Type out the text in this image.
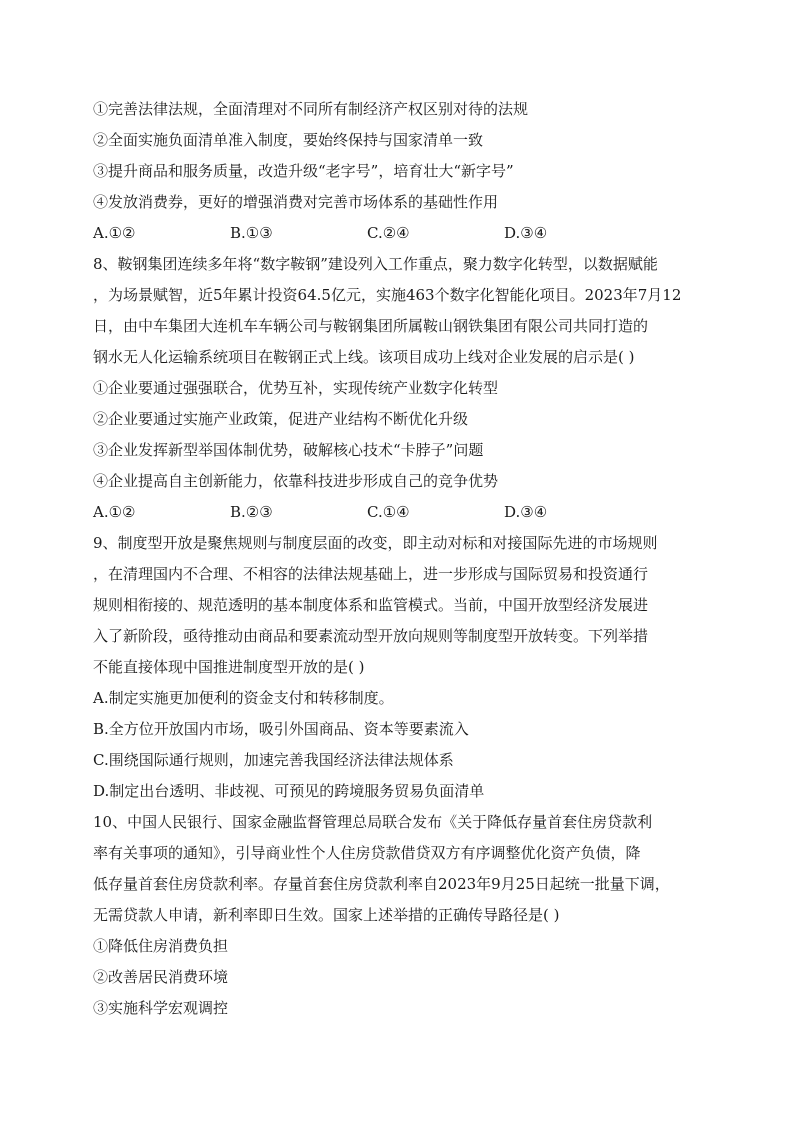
①完善法律法规，全面清理对不同所有制经济产权区别对待的法规
②全面实施负面清单准入制度，要始终保持与国家清单一致
③提升商品和服务质量，改造升级“老字号”，培育壮大“新字号”
④发放消费券，更好的增强消费对完善市场体系的基础性作用
A.①②	B.①③	C.②④	D.③④
8、鞍钢集团连续多年将“数字鞍钢”建设列入工作重点，聚力数字化转型，以数据赋能
，为场景赋智，近5年累计投资64.5亿元，实施463个数字化智能化项目。2023年7月12
日，由中车集团大连机车车辆公司与鞍钢集团所属鞍山钢铁集团有限公司共同打造的
钢水无人化运输系统项目在鞍钢正式上线。该项目成功上线对企业发展的启示是( )
①企业要通过强强联合，优势互补，实现传统产业数字化转型
②企业要通过实施产业政策，促进产业结构不断优化升级
③企业发挥新型举国体制优势，破解核心技术“卡脖子”问题
④企业提高自主创新能力，依靠科技进步形成自己的竞争优势
A.①②	B.②③	C.①④	D.③④
9、制度型开放是聚焦规则与制度层面的改变，即主动对标和对接国际先进的市场规则
，在清理国内不合理、不相容的法律法规基础上，进一步形成与国际贸易和投资通行
规则相衔接的、规范透明的基本制度体系和监管模式。当前，中国开放型经济发展进
入了新阶段，亟待推动由商品和要素流动型开放向规则等制度型开放转变。下列举措
不能直接体现中国推进制度型开放的是( )
A.制定实施更加便利的资金支付和转移制度。
B.全方位开放国内市场，吸引外国商品、资本等要素流入
C.围绕国际通行规则，加速完善我国经济法律法规体系
D.制定出台透明、非歧视、可预见的跨境服务贸易负面清单
10、中国人民银行、国家金融监督管理总局联合发布《关于降低存量首套住房贷款利
率有关事项的通知》，引导商业性个人住房贷款借贷双方有序调整优化资产负债，降
低存量首套住房贷款利率。存量首套住房贷款利率自2023年9月25日起统一批量下调，
无需贷款人申请，新利率即日生效。国家上述举措的正确传导路径是( )
①降低住房消费负担
②改善居民消费环境
③实施科学宏观调控
